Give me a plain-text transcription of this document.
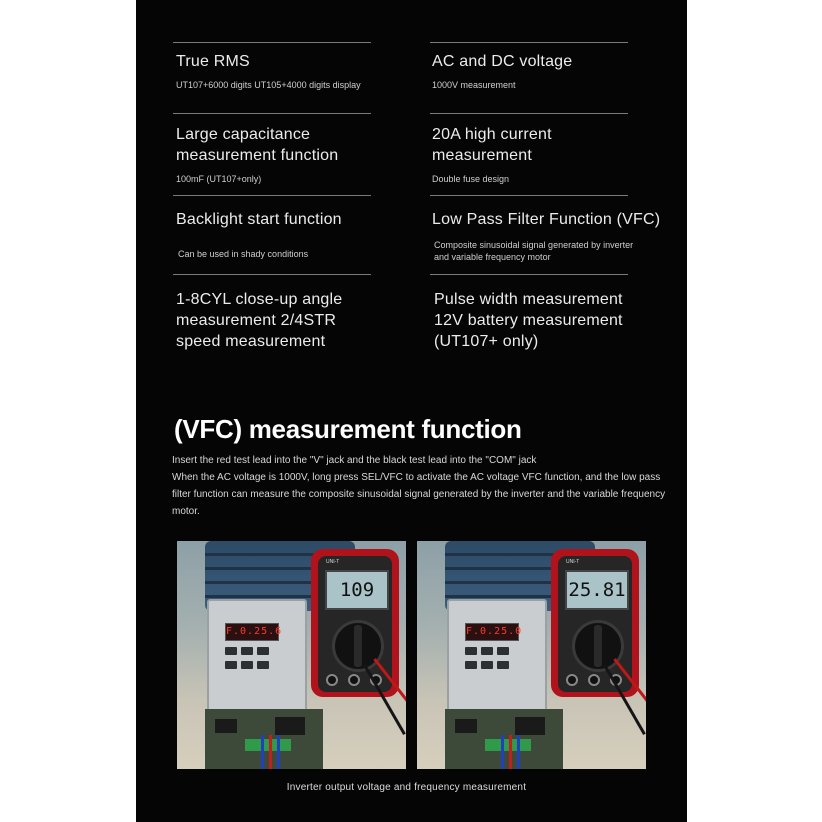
True RMS
UT107+6000 digits UT105+4000 digits display
AC and DC voltage
1000V measurement
Large capacitance
measurement function
100mF (UT107+only)
20A high current
measurement
Double fuse design
Backlight start function
Can be used in shady conditions
Low Pass Filter Function (VFC)
Composite sinusoidal signal generated by inverter
and variable frequency motor
1-8CYL close-up angle
measurement 2/4STR
speed measurement
Pulse width measurement
12V battery measurement
(UT107+ only)
(VFC) measurement function
Insert the red test lead into the "V" jack and the black test lead into the "COM" jack
When the AC voltage is 1000V, long press SEL/VFC to activate the AC voltage VFC function, and the low pass filter function can measure the composite sinusoidal signal generated by the inverter and the variable frequency motor.
F.0.25.6
UNI-T
109
F.0.25.0
UNI-T
25.81
Inverter output voltage and frequency measurement
